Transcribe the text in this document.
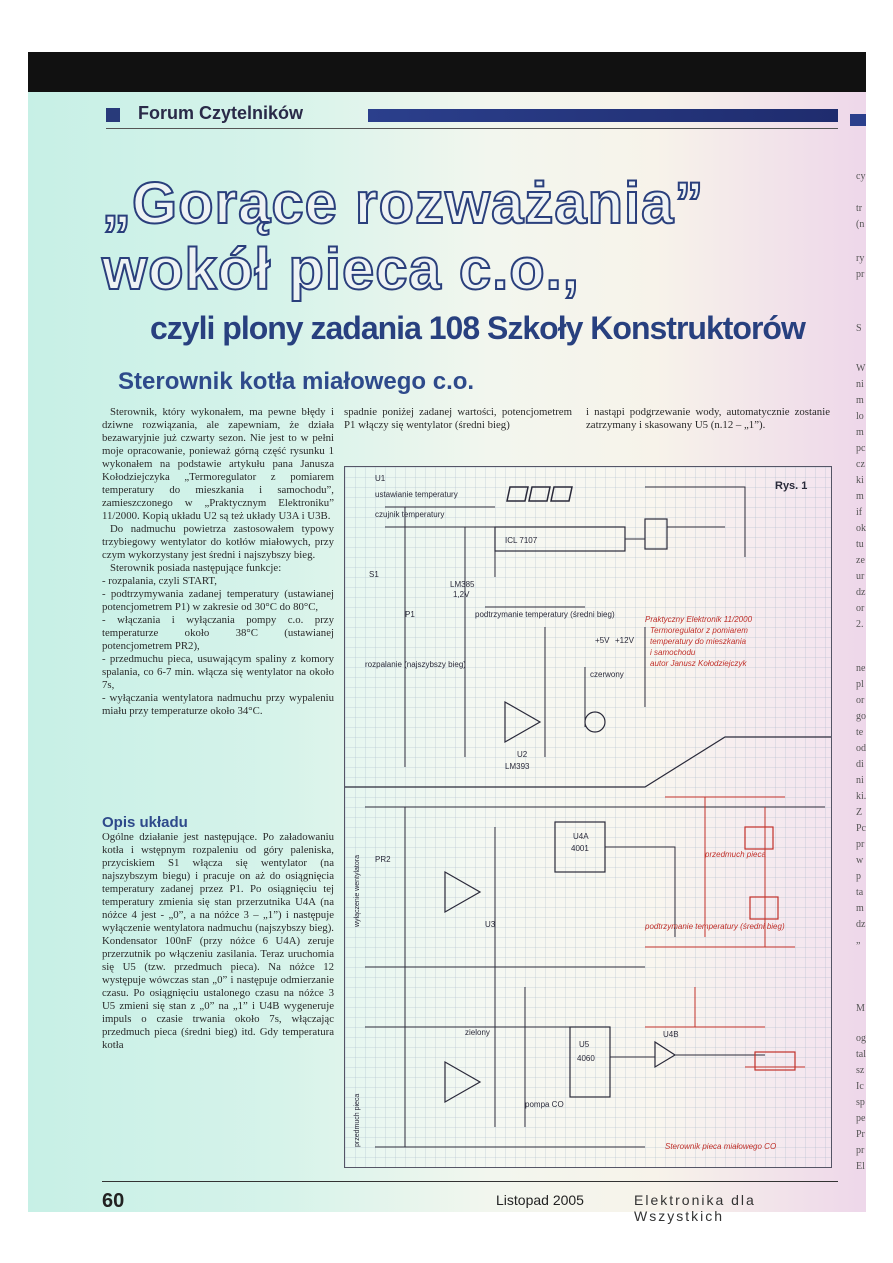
Forum Czytelników
„Gorące rozważania”
wokół pieca c.o.,
czyli plony zadania 108 Szkoły Konstruktorów
Sterownik kotła miałowego c.o.

Sterownik, który wykonałem, ma pewne błędy i dziwne rozwiązania, ale zapewniam, że działa bezawaryjnie już czwarty sezon. Nie jest to w pełni moje opracowanie, ponieważ górną część rysunku 1 wykonałem na podstawie artykułu pana Janusza Kołodziejczyka „Termoregulator z pomiarem temperatury do mieszkania i samochodu”, zamieszczonego w „Praktycznym Elektroniku” 11/2000. Kopią układu U2 są też układy U3A i U3B.

Do nadmuchu powietrza zastosowałem typowy trzybiegowy wentylator do kotłów miałowych, przy czym wykorzystany jest średni i najszybszy bieg.

Sterownik posiada następujące funkcje:

- rozpalania, czyli START,

- podtrzymywania zadanej temperatury (ustawianej potencjometrem P1) w zakresie od 30°C do 80°C,

- włączania i wyłączania pompy c.o. przy temperaturze około 38°C (ustawianej potencjometrem PR2),

- przedmuchu pieca, usuwającym spaliny z komory spalania, co 6-7 min. włącza się wentylator na około 7s,

- wyłączania wentylatora nadmuchu przy wypaleniu miału przy temperaturze około 34°C.

Opis układu

Ogólne działanie jest następujące. Po załadowaniu kotła i wstępnym rozpaleniu od góry paleniska, przyciskiem S1 włącza się wentylator (na najszybszym biegu) i pracuje on aż do osiągnięcia temperatury zadanej przez P1. Po osiągnięciu tej temperatury zmienia się stan przerzutnika U4A (na nóżce 4 jest - „0”, a na nóżce 3 – „1”) i następuje wyłączenie wentylatora nadmuchu (najszybszy bieg). Kondensator 100nF (przy nóżce 6 U4A) zeruje przerzutnik po włączeniu zasilania. Teraz uruchomia się U5 (tzw. przedmuch pieca). Na nóżce 12 występuje wówczas stan „0” i następuje odmierzanie czasu. Po osiągnięciu ustalonego czasu na nóżce 3 U5 zmieni się stan z „0” na „1” i U4B wygeneruje impuls o czasie trwania około 7s, włączając przedmuch pieca (średni bieg) itd. Gdy temperatura kotła

spadnie poniżej zadanej wartości, potencjometrem P1 włączy się wentylator (średni bieg)

i nastąpi podgrzewanie wody, automatycznie zostanie zatrzymany i skasowany U5 (n.12 – „1”).

U1
ICL 7107
U2
LM393
U3
U4A
4001
U4B
U5
4060
LM385
1,2V
P1
PR2
+5V +12V
czerwony
zielony
pompa CO
podtrzymanie temperatury (średni bieg)
rozpalanie (najszybszy bieg)
ustawianie temperatury
czujnik temperatury
S1
wyłączenie wentylatora
przedmuch pieca
Praktyczny Elektronik 11/2000
Termoregulator z pomiarem
temperatury do mieszkania
i samochodu
autor Janusz Kołodziejczyk
przedmuch pieca
podtrzymanie temperatury (średni bieg)
Sterownik pieca miałowego CO
Rys. 1
60	Listopad 2005	Elektronika dla Wszystkich
cy
tr
(n
ry
pr
S
W
ni
m
lo
m
pc
cz
ki
m
if
ok
tu
ze
ur
dz
or
2.
ne
pl
or
go
te
od
di
ni
ki.
Z
Pc
pr
w
p
ta
m
dz
„
M
og
tal
sz
Ic
sp
pe
Pr
pr
El
